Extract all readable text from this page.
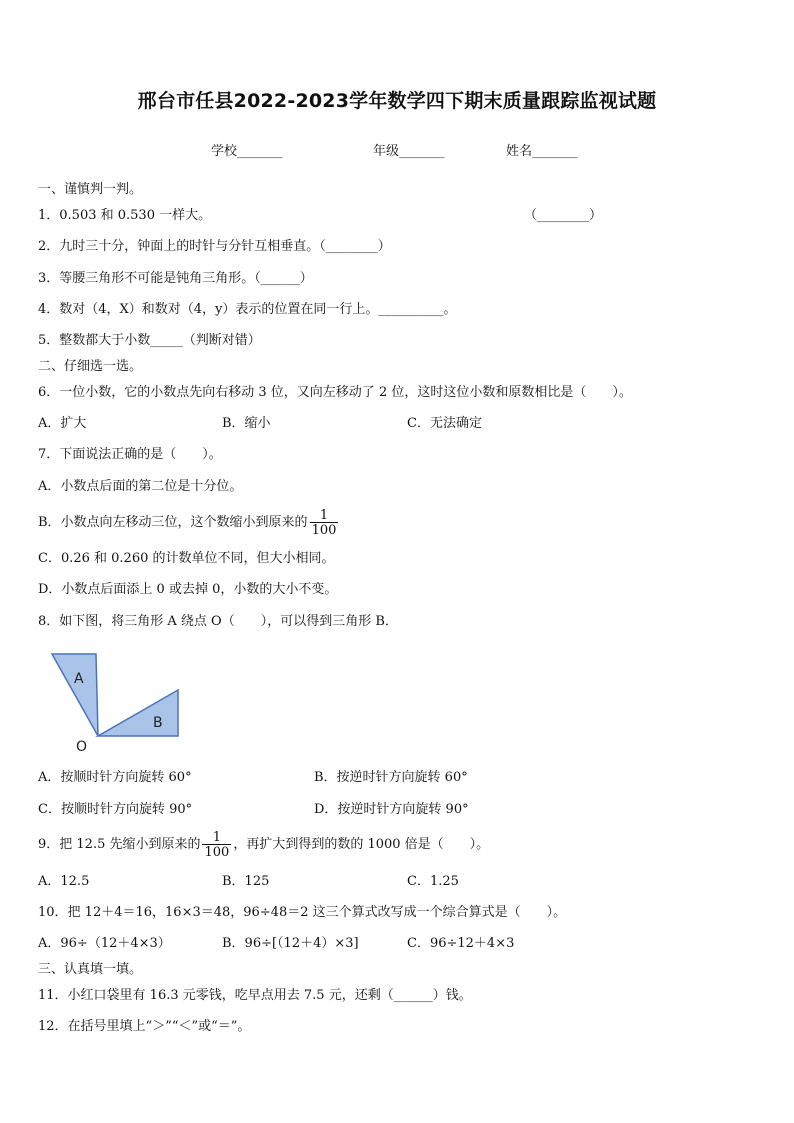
邢台市任县2022-2023学年数学四下期末质量跟踪监视试题
学校_______	年级_______	姓名_______
一、谨慎判一判。
1．0.503 和 0.530 一样大。	（________）
2．九时三十分，钟面上的时针与分针互相垂直。（________）
3．等腰三角形不可能是钝角三角形。（______）
4．数对（4，X）和数对（4，y）表示的位置在同一行上。__________。
5．整数都大于小数_____（判断对错）
二、仔细选一选。
6．一位小数，它的小数点先向右移动 3 位，又向左移动了 2 位，这时这位小数和原数相比是（　　）。
A．扩大	B．缩小	C．无法确定
7．下面说法正确的是（　　）。
A．小数点后面的第二位是十分位。
B．小数点向左移动三位，这个数缩小到原来的 $\frac{1}{100}$
C．0.26 和 0.260 的计数单位不同，但大小相同。
D．小数点后面添上 0 或去掉 0，小数的大小不变。
8．如下图，将三角形 A 绕点 O（　　），可以得到三角形 B．
A
B
O
A．按顺时针方向旋转 60°	B．按逆时针方向旋转 60°
C．按顺时针方向旋转 90°	D．按逆时针方向旋转 90°
9．把 12.5 先缩小到原来的 $\frac{1}{100}$ ，再扩大到得到的数的 1000 倍是（　　）。
A．12.5	B．125	C．1.25
10．把 12＋4＝16，16×3＝48，96÷48＝2 这三个算式改写成一个综合算式是（　　）。
A．96÷（12＋4×3）	B．96÷[（12＋4）×3]	C．96÷12＋4×3
三、认真填一填。
11．小红口袋里有 16.3 元零钱，吃早点用去 7.5 元，还剩（______）钱。
12．在括号里填上“＞”“＜”或“＝”。
